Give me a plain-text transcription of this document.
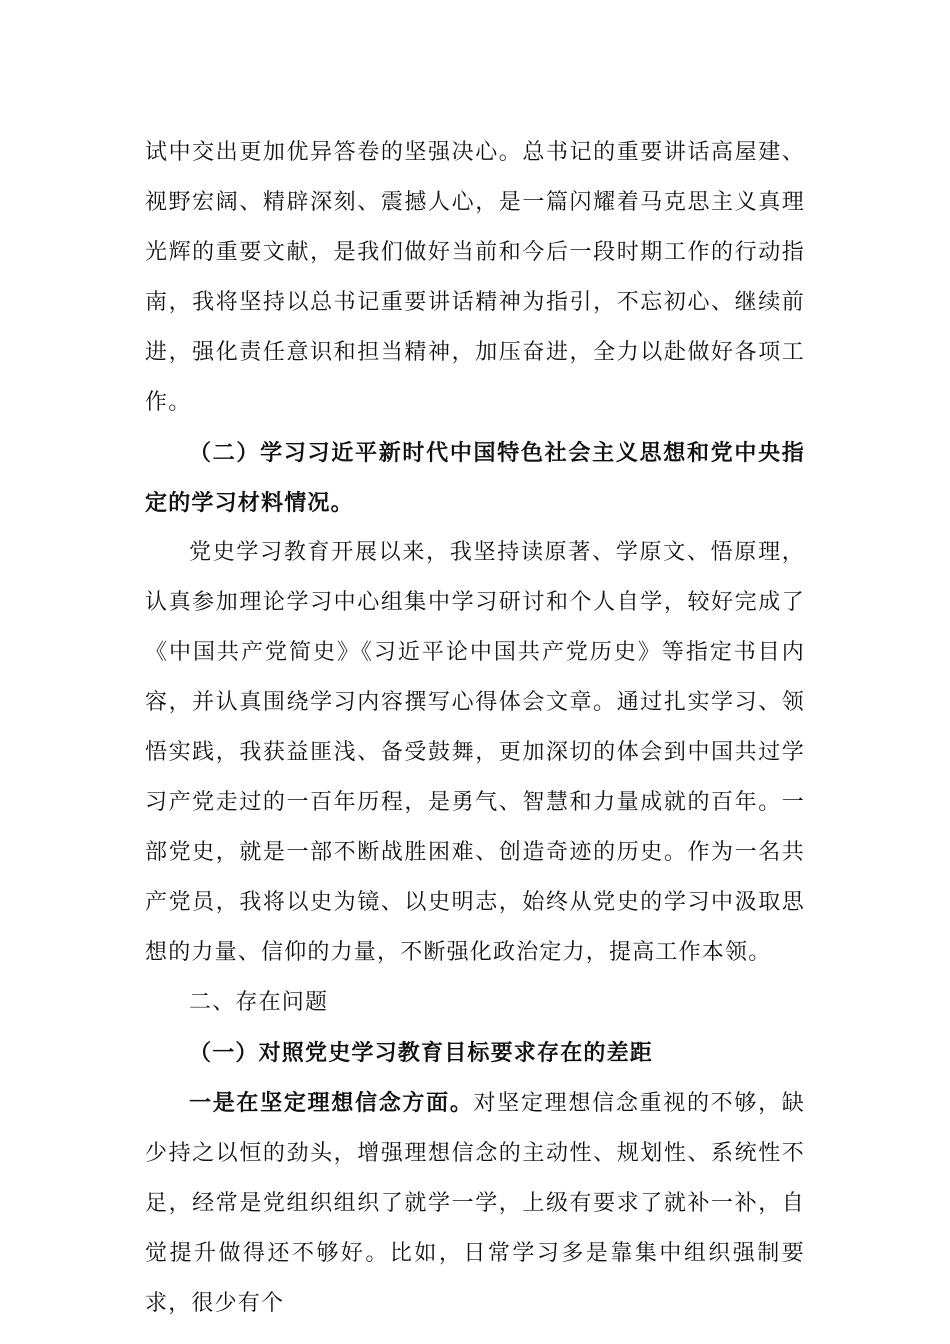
试中交出更加优异答卷的坚强决心。总书记的重要讲话高屋建、视野宏阔、精辟深刻、震撼人心，是一篇闪耀着马克思主义真理光辉的重要文献，是我们做好当前和今后一段时期工作的行动指南，我将坚持以总书记重要讲话精神为指引，不忘初心、继续前进，强化责任意识和担当精神，加压奋进，全力以赴做好各项工作。

（二）学习习近平新时代中国特色社会主义思想和党中央指定的学习材料情况。

党史学习教育开展以来，我坚持读原著、学原文、悟原理，认真参加理论学习中心组集中学习研讨和个人自学，较好完成了《中国共产党简史》《习近平论中国共产党历史》等指定书目内容，并认真围绕学习内容撰写心得体会文章。通过扎实学习、领悟实践，我获益匪浅、备受鼓舞，更加深切的体会到中国共过学习产党走过的一百年历程，是勇气、智慧和力量成就的百年。一部党史，就是一部不断战胜困难、创造奇迹的历史。作为一名共产党员，我将以史为镜、以史明志，始终从党史的学习中汲取思想的力量、信仰的力量，不断强化政治定力，提高工作本领。

二、存在问题

（一）对照党史学习教育目标要求存在的差距

一是在坚定理想信念方面。对坚定理想信念重视的不够，缺少持之以恒的劲头，增强理想信念的主动性、规划性、系统性不足，经常是党组织组织了就学一学，上级有要求了就补一补，自觉提升做得还不够好。比如，日常学习多是靠集中组织强制要求，很少有个
